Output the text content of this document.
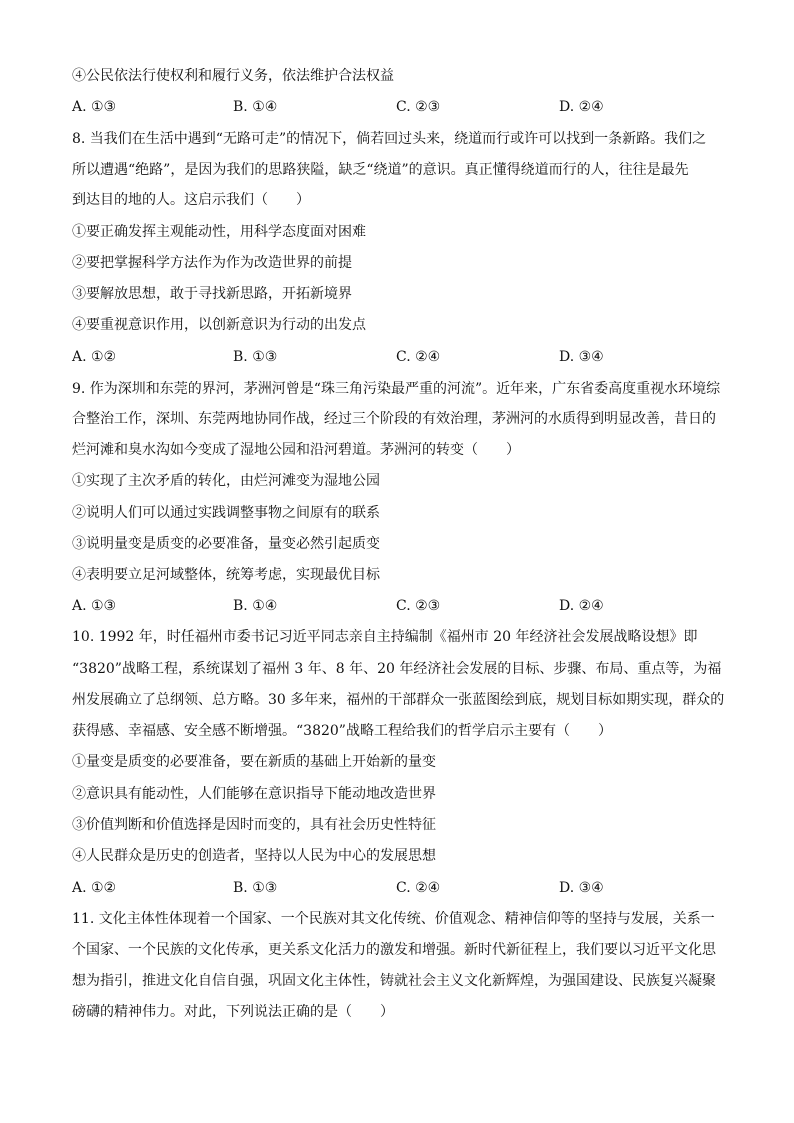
④公民依法行使权利和履行义务，依法维护合法权益
A. ①③	B. ①④	C. ②③	D. ②④
8. 当我们在生活中遇到“无路可走”的情况下，倘若回过头来，绕道而行或许可以找到一条新路。我们之
所以遭遇“绝路”，是因为我们的思路狭隘，缺乏“绕道”的意识。真正懂得绕道而行的人，往往是最先
到达目的地的人。这启示我们（　　）
①要正确发挥主观能动性，用科学态度面对困难
②要把掌握科学方法作为作为改造世界的前提
③要解放思想，敢于寻找新思路，开拓新境界
④要重视意识作用，以创新意识为行动的出发点
A. ①②	B. ①③	C. ②④	D. ③④
9. 作为深圳和东莞的界河，茅洲河曾是“珠三角污染最严重的河流”。近年来，广东省委高度重视水环境综
合整治工作，深圳、东莞两地协同作战，经过三个阶段的有效治理，茅洲河的水质得到明显改善，昔日的
烂河滩和臭水沟如今变成了湿地公园和沿河碧道。茅洲河的转变（　　）
①实现了主次矛盾的转化，由烂河滩变为湿地公园
②说明人们可以通过实践调整事物之间原有的联系
③说明量变是质变的必要准备，量变必然引起质变
④表明要立足河域整体，统筹考虑，实现最优目标
A. ①③	B. ①④	C. ②③	D. ②④
10. 1992 年，时任福州市委书记习近平同志亲自主持编制《福州市 20 年经济社会发展战略设想》即
“3820”战略工程，系统谋划了福州 3 年、8 年、20 年经济社会发展的目标、步骤、布局、重点等，为福
州发展确立了总纲领、总方略。30 多年来，福州的干部群众一张蓝图绘到底，规划目标如期实现，群众的
获得感、幸福感、安全感不断增强。“3820”战略工程给我们的哲学启示主要有（　　）
①量变是质变的必要准备，要在新质的基础上开始新的量变
②意识具有能动性，人们能够在意识指导下能动地改造世界
③价值判断和价值选择是因时而变的，具有社会历史性特征
④人民群众是历史的创造者，坚持以人民为中心的发展思想
A. ①②	B. ①③	C. ②④	D. ③④
11. 文化主体性体现着一个国家、一个民族对其文化传统、价值观念、精神信仰等的坚持与发展，关系一
个国家、一个民族的文化传承，更关系文化活力的激发和增强。新时代新征程上，我们要以习近平文化思
想为指引，推进文化自信自强，巩固文化主体性，铸就社会主义文化新辉煌，为强国建设、民族复兴凝聚
磅礴的精神伟力。对此，下列说法正确的是（　　）
